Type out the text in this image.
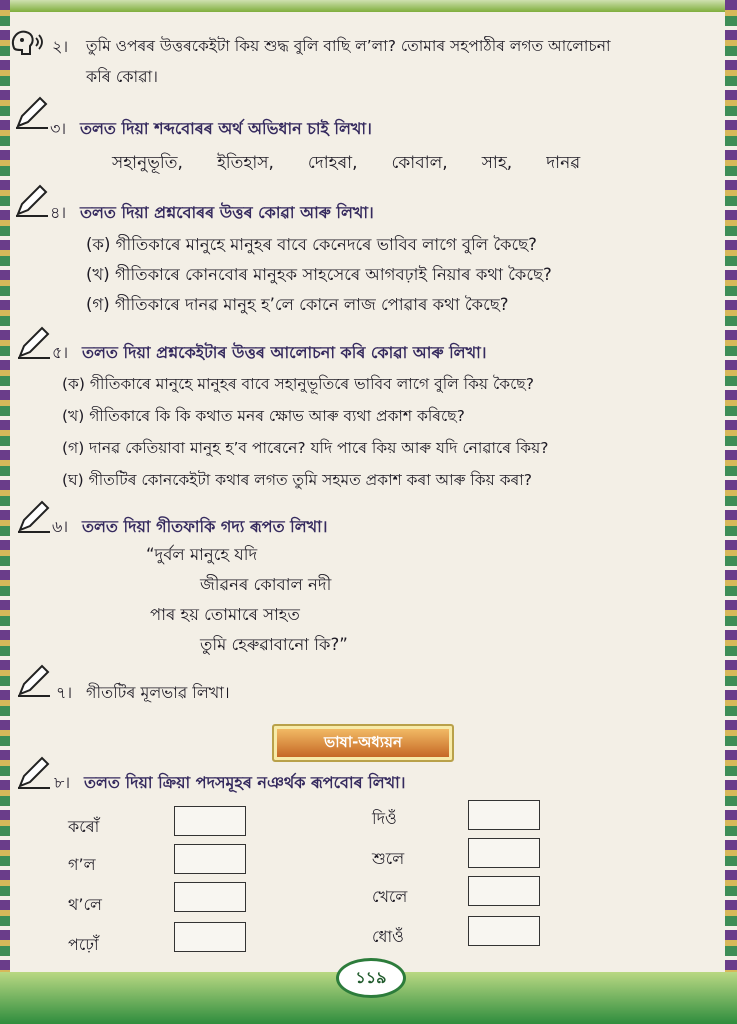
২। তুমি ওপৰৰ উত্তৰকেইটা কিয় শুদ্ধ বুলি বাছি ল’লা? তোমাৰ সহপাঠীৰ লগত আলোচনা
কৰি কোৱা।
৩। তলত দিয়া শব্দবোৰৰ অৰ্থ অভিধান চাই লিখা।
সহানুভূতি, ইতিহাস, দোহৰা, কোবাল, সাহ, দানৱ
৪। তলত দিয়া প্ৰশ্নবোৰৰ উত্তৰ কোৱা আৰু লিখা।
(ক) গীতিকাৰে মানুহে মানুহৰ বাবে কেনেদৰে ভাবিব লাগে বুলি কৈছে?
(খ) গীতিকাৰে কোনবোৰ মানুহক সাহসেৰে আগবঢ়াই নিয়াৰ কথা কৈছে?
(গ) গীতিকাৰে দানৱ মানুহ হ’লে কোনে লাজ পোৱাৰ কথা কৈছে?
৫। তলত দিয়া প্ৰশ্নকেইটাৰ উত্তৰ আলোচনা কৰি কোৱা আৰু লিখা।
(ক) গীতিকাৰে মানুহে মানুহৰ বাবে সহানুভূতিৰে ভাবিব লাগে বুলি কিয় কৈছে?
(খ) গীতিকাৰে কি কি কথাত মনৰ ক্ষোভ আৰু ব্যথা প্ৰকাশ কৰিছে?
(গ) দানৱ কেতিয়াবা মানুহ হ’ব পাৰেনে? যদি পাৰে কিয় আৰু যদি নোৱাৰে কিয়?
(ঘ) গীতটিৰ কোনকেইটা কথাৰ লগত তুমি সহমত প্ৰকাশ কৰা আৰু কিয় কৰা?
৬। তলত দিয়া গীতফাকি গদ্য ৰূপত লিখা।
“দুৰ্বল মানুহে যদি
জীৱনৰ কোবাল নদী
পাৰ হয় তোমাৰে সাহত
তুমি হেৰুৱাবানো কি?”
৭। গীতটিৰ মূলভাৱ লিখা।
ভাষা-অধ্যয়ন
৮। তলত দিয়া ক্ৰিয়া পদসমূহৰ নঞৰ্থক ৰূপবোৰ লিখা।
কৰোঁ
গ’ল
থ’লে
পঢ়োঁ
দিওঁ
শুলে
খেলে
ধোওঁ
১১৯
